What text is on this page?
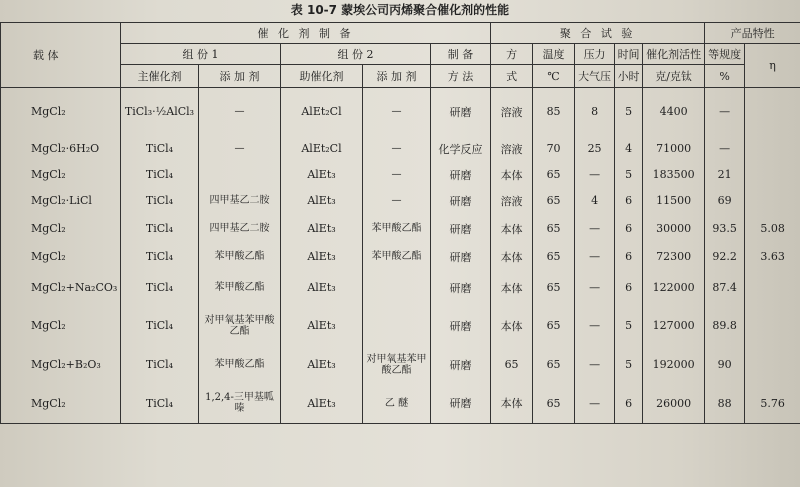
表 10-7 蒙埃公司丙烯聚合催化剂的性能
载 体	催 化 剂 制 备					聚 合 试 验					产品特性	
	组 份 1		组 份 2		制 备	方	温度	压力	时间	催化剂活性	等规度	η
	主催化剂	添 加 剂	助催化剂	添 加 剂	方 法	式	℃	大气压	小时	克/克钛	%	
MgCl₂	TiCl₃·½AlCl₃	—	AlEt₂Cl	—	研磨	溶液	85	8	5	4400	—	
MgCl₂·6H₂O	TiCl₄	—	AlEt₂Cl	—	化学反应	溶液	70	25	4	71000	—	
MgCl₂	TiCl₄		AlEt₃	—	研磨	本体	65	—	5	183500	21	
MgCl₂·LiCl	TiCl₄	四甲基乙二胺	AlEt₃	—	研磨	溶液	65	4	6	11500	69	
MgCl₂	TiCl₄	四甲基乙二胺	AlEt₃	苯甲酸乙酯	研磨	本体	65	—	6	30000	93.5	5.08
MgCl₂	TiCl₄	苯甲酸乙酯	AlEt₃	苯甲酸乙酯	研磨	本体	65	—	6	72300	92.2	3.63
MgCl₂+Na₂CO₃	TiCl₄	苯甲酸乙酯	AlEt₃		研磨	本体	65	—	6	122000	87.4	
MgCl₂	TiCl₄	对甲氧基苯甲酸乙酯	AlEt₃		研磨	本体	65	—	5	127000	89.8	
MgCl₂+B₂O₃	TiCl₄	苯甲酸乙酯	AlEt₃	对甲氧基苯甲酸乙酯	研磨	65	65	—	5	192000	90	
MgCl₂	TiCl₄	1,2,4-三甲基呱嗪	AlEt₃	乙 醚	研磨	本体	65	—	6	26000	88	5.76
